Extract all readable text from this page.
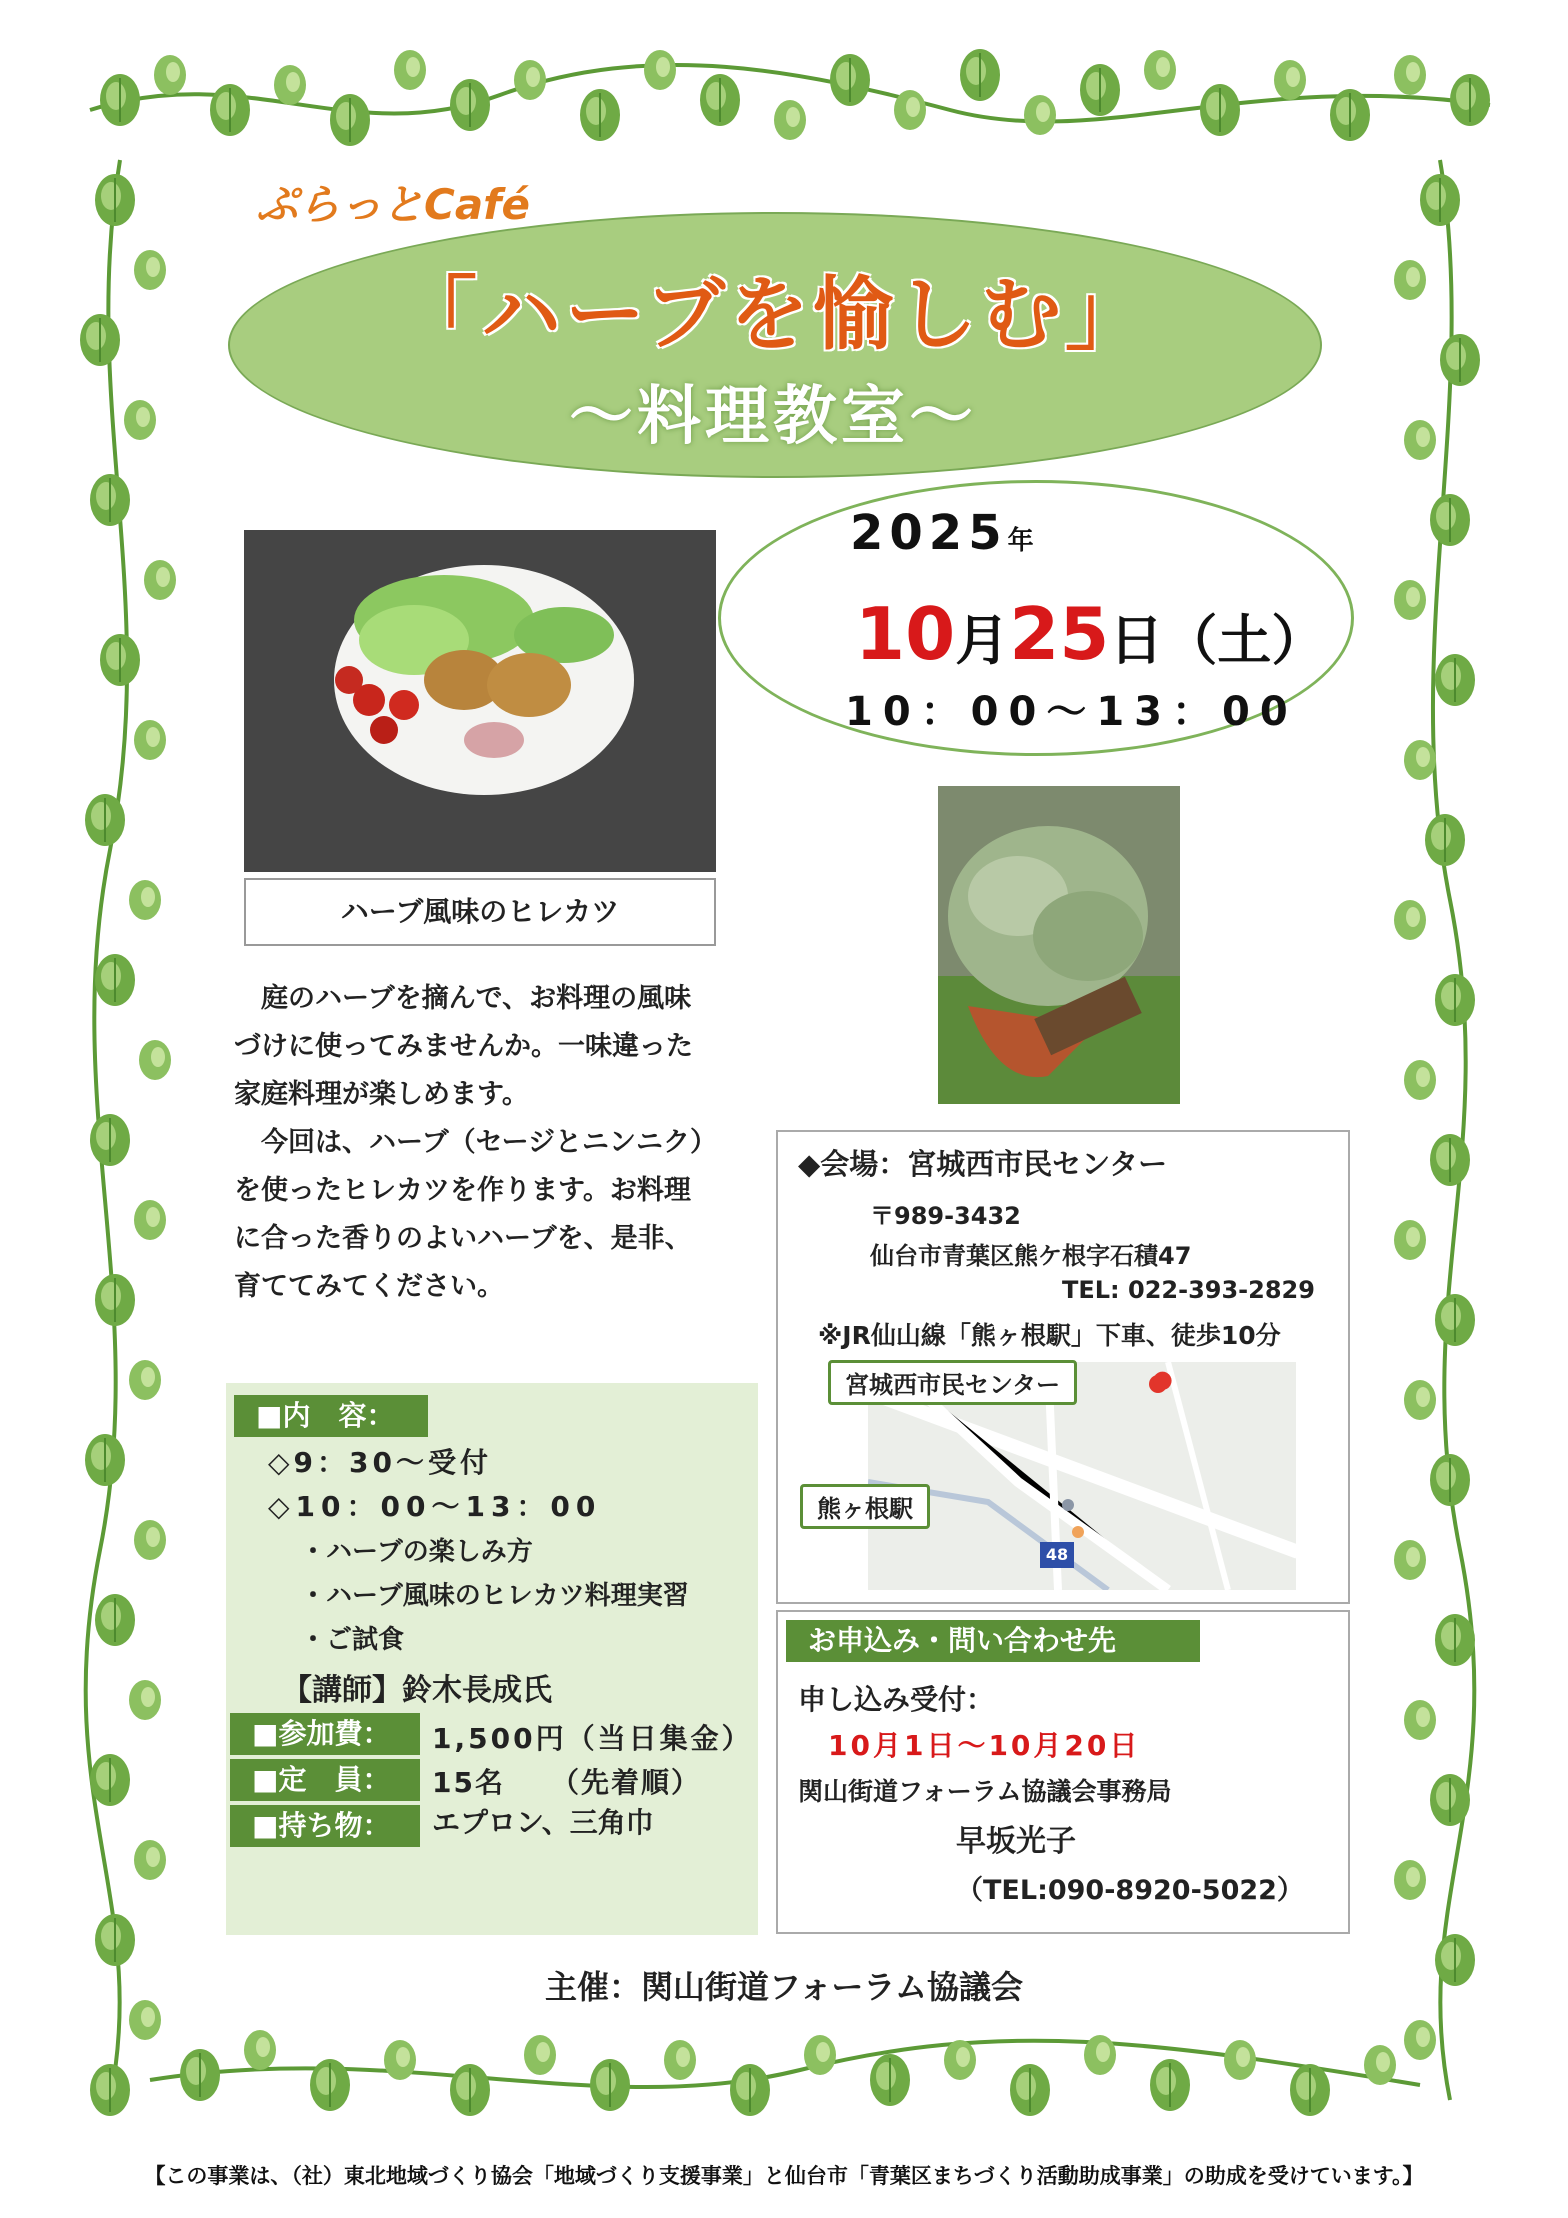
ぷらっとCafé
「ハーブを愉しむ」
～料理教室～
2025年
10月25日（土）
10：00～13：00
ハーブ風味のヒレカツ

　庭のハーブを摘んで、お料理の風味

づけに使ってみませんか。一味違った

家庭料理が楽しめます。

　今回は、ハーブ（セージとニンニク）

を使ったヒレカツを作ります。お料理

に合った香りのよいハーブを、是非、

育ててみてください。

■内　容：
◇9：30～受付
◇10：00～13：00
・ハーブの楽しみ方
・ハーブ風味のヒレカツ料理実習
・ご試食
【講師】鈴木長成氏
■参加費：	1,500円（当日集金）
■定　員：	15名　　（先着順）
■持ち物：	エプロン、三角巾
◆会場：宮城西市民センター
〒989-3432
仙台市青葉区熊ケ根字石積47
TEL: 022-393-2829
※JR仙山線「熊ヶ根駅」下車、徒歩10分
48
宮城西市民センター
熊ヶ根駅
●
お申込み・問い合わせ先
申し込み受付：
10月1日～10月20日
関山街道フォーラム協議会事務局
早坂光子
（TEL:090-8920-5022）
主催：関山街道フォーラム協議会
【この事業は、（社）東北地域づくり協会「地域づくり支援事業」と仙台市「青葉区まちづくり活動助成事業」の助成を受けています。】
